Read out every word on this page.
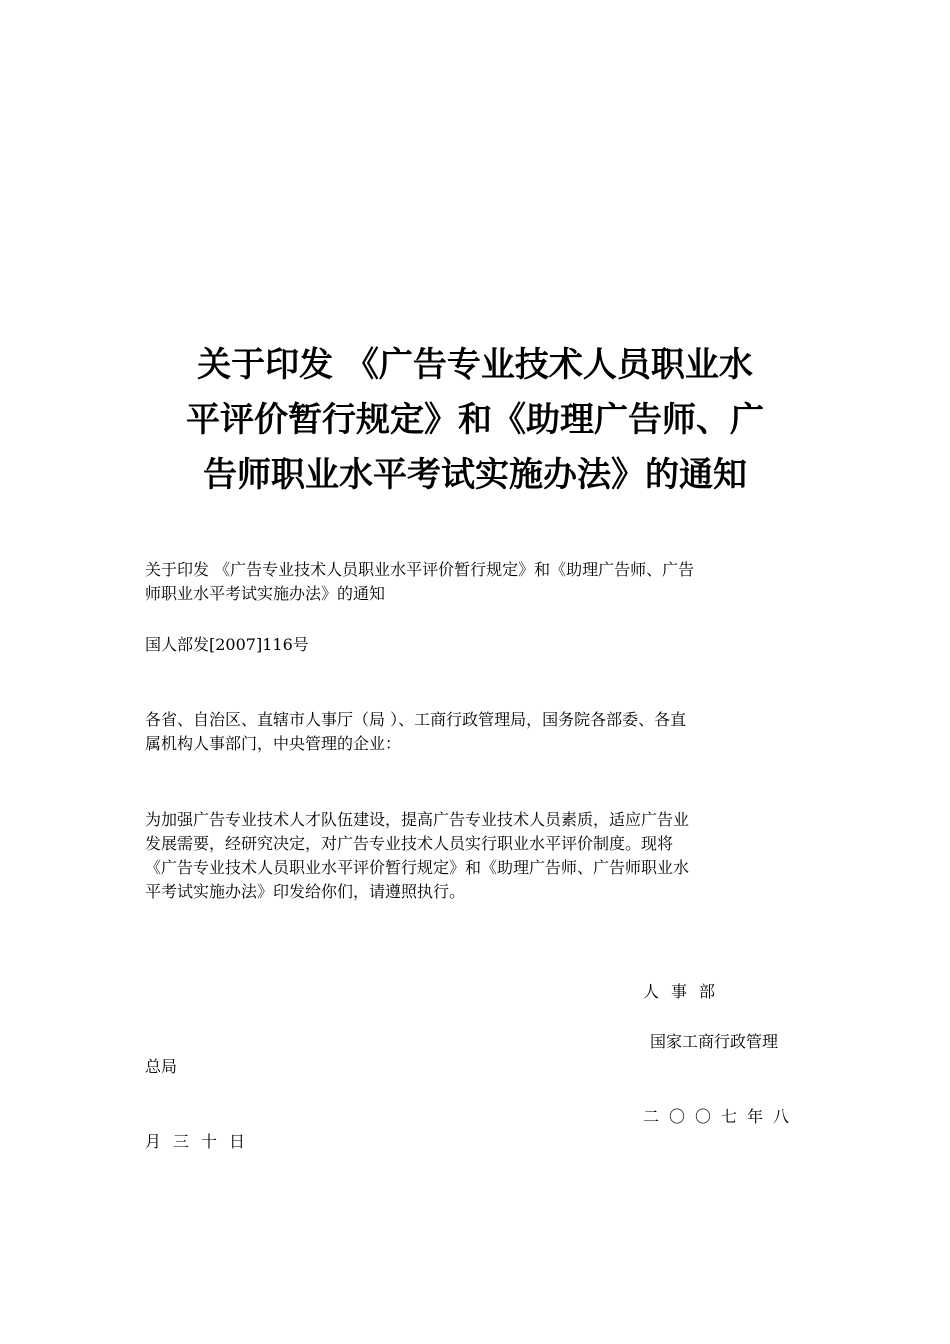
关于印发 《广告专业技术人员职业水
平评价暂行规定》和《助理广告师、广
告师职业水平考试实施办法》的通知

关于印发 《广告专业技术人员职业水平评价暂行规定》和《助理广告师、广告
师职业水平考试实施办法》的通知

国人部发[2007]116号

各省、自治区、直辖市人事厅（局 ）、工商行政管理局，国务院各部委、各直
属机构人事部门，中央管理的企业：

为加强广告专业技术人才队伍建设，提高广告专业技术人员素质，适应广告业
发展需要，经研究决定，对广告专业技术人员实行职业水平评价制度。现将
《广告专业技术人员职业水平评价暂行规定》和《助理广告师、广告师职业水
平考试实施办法》印发给你们，请遵照执行。

人事部
国家工商行政管理
总局
二〇〇七年八
月三十日
